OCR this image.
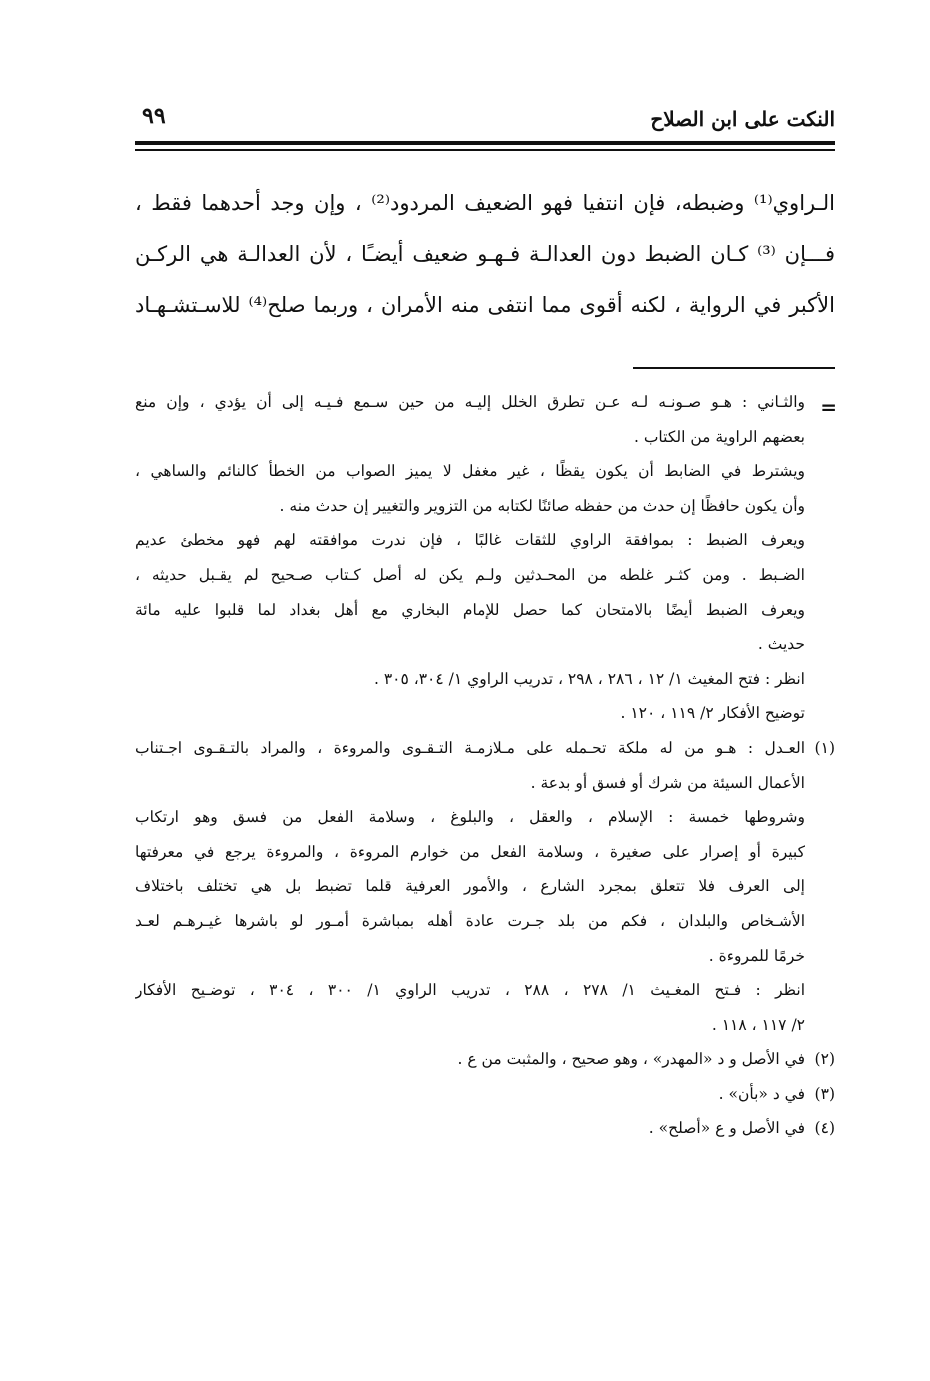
النكت على ابن الصلاح
٩٩

الـراوي⁽¹⁾ وضبطه، فإن انتفيا فهو الضعيف المردود⁽²⁾ ، وإن وجد أحدهما فقط ،

فـــإن ⁽³⁾ كـان الضبط دون العدالـة فـهـو ضعيف أيضـًا ، لأن العدالـة هي الركـن

الأكبر في الرواية ، لكنه أقوى مما انتفى منه الأمران ، وربما صلح⁽⁴⁾ للاسـتشـهـاد

=
والثـاني : هـو صـونـه لـه عـن تطرق الخلل إليـه من حين سـمع فـيـه إلى أن يؤدي ، وإن منع
بعضهم الراوية من الكتاب .
ويشترط في الضابط أن يكون يقظًا ، غير مغفل لا يميز الصواب من الخطأ كالنائم والساهي ،
وأن يكون حافظًا إن حدث من حفظه صائنًا لكتابه من التزوير والتغيير إن حدث منه .
ويعرف الضبط : بموافقة الراوي للثقات غالبًا ، فإن ندرت موافقته لهم فهو مخطئ عديم
الضـبط . ومن كثـر غلطه من المحـدثين ولـم يكن له أصل كـتاب صـحيح لم يقـبل حديثه ،
ويعرف الضبط أيضًا بالامتحان كما حصل للإمام البخاري مع أهل بغداد لما قلبوا عليه مائة
حديث .
انظر : فتح المغيث ١/ ١٢ ، ٢٨٦ ، ٢٩٨ ، تدريب الراوي ١/ ٣٠٤، ٣٠٥ .
توضيح الأفكار ٢/ ١١٩ ، ١٢٠ .
(١)العـدل : هـو من له ملكة تحـمله على مـلازمـة التـقـوى والمروءة ، والمراد بالتـقـوى اجـتناب
الأعمال السيئة من شرك أو فسق أو بدعة .
وشروطها خمسة : الإسلام ، والعقل ، والبلوغ ، وسلامة الفعل من فسق وهو ارتكاب
كبيرة أو إصرار على صغيرة ، وسلامة الفعل من خوارم المروءة ، والمروءة يرجع في معرفتها
إلى العرف فلا تتعلق بمجرد الشارع ، والأمور العرفية قلما تضبط بل هي تختلف باختلاف
الأشـخاص والبلدان ، فكم من بلد جـرت عادة أهله بمباشرة أمـور لو باشرها غيـرهـم لعـد
خرمًا للمروءة .
انظر : فـتح المغـيث ١/ ٢٧٨ ، ٢٨٨ ، تدريب الراوي ١/ ٣٠٠ ، ٣٠٤ ، توضـيح الأفكار
٢/ ١١٧ ، ١١٨ .
(٢)في الأصل و د «المهدر» ، وهو صحيح ، والمثبت من ع .
(٣)في د «بأن» .
(٤)في الأصل و ع «أصلح» .
